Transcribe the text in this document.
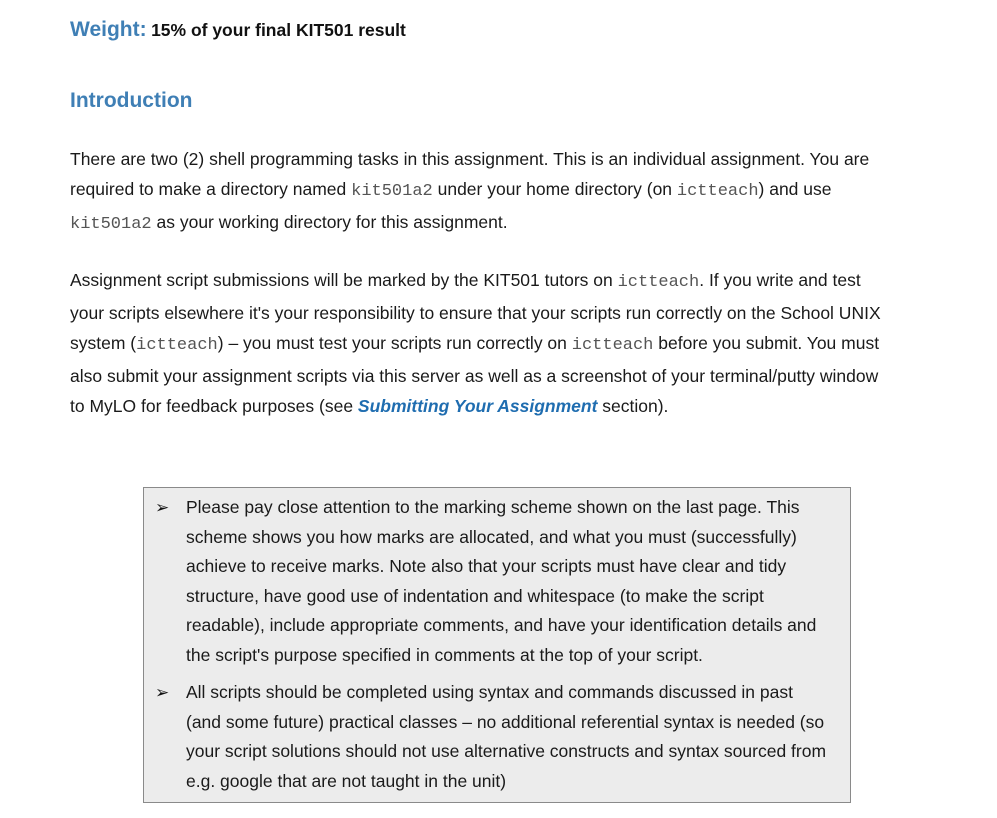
Weight: 15% of your final KIT501 result
Introduction
There are two (2) shell programming tasks in this assignment. This is an individual assignment. You are required to make a directory named kit501a2 under your home directory (on ictteach) and use kit501a2 as your working directory for this assignment.
Assignment script submissions will be marked by the KIT501 tutors on ictteach. If you write and test your scripts elsewhere it's your responsibility to ensure that your scripts run correctly on the School UNIX system (ictteach) – you must test your scripts run correctly on ictteach before you submit. You must also submit your assignment scripts via this server as well as a screenshot of your terminal/putty window to MyLO for feedback purposes (see Submitting Your Assignment section).
➢ Please pay close attention to the marking scheme shown on the last page. This scheme shows you how marks are allocated, and what you must (successfully) achieve to receive marks. Note also that your scripts must have clear and tidy structure, have good use of indentation and whitespace (to make the script readable), include appropriate comments, and have your identification details and the script's purpose specified in comments at the top of your script.
➢ All scripts should be completed using syntax and commands discussed in past (and some future) practical classes – no additional referential syntax is needed (so your script solutions should not use alternative constructs and syntax sourced from e.g. google that are not taught in the unit)
